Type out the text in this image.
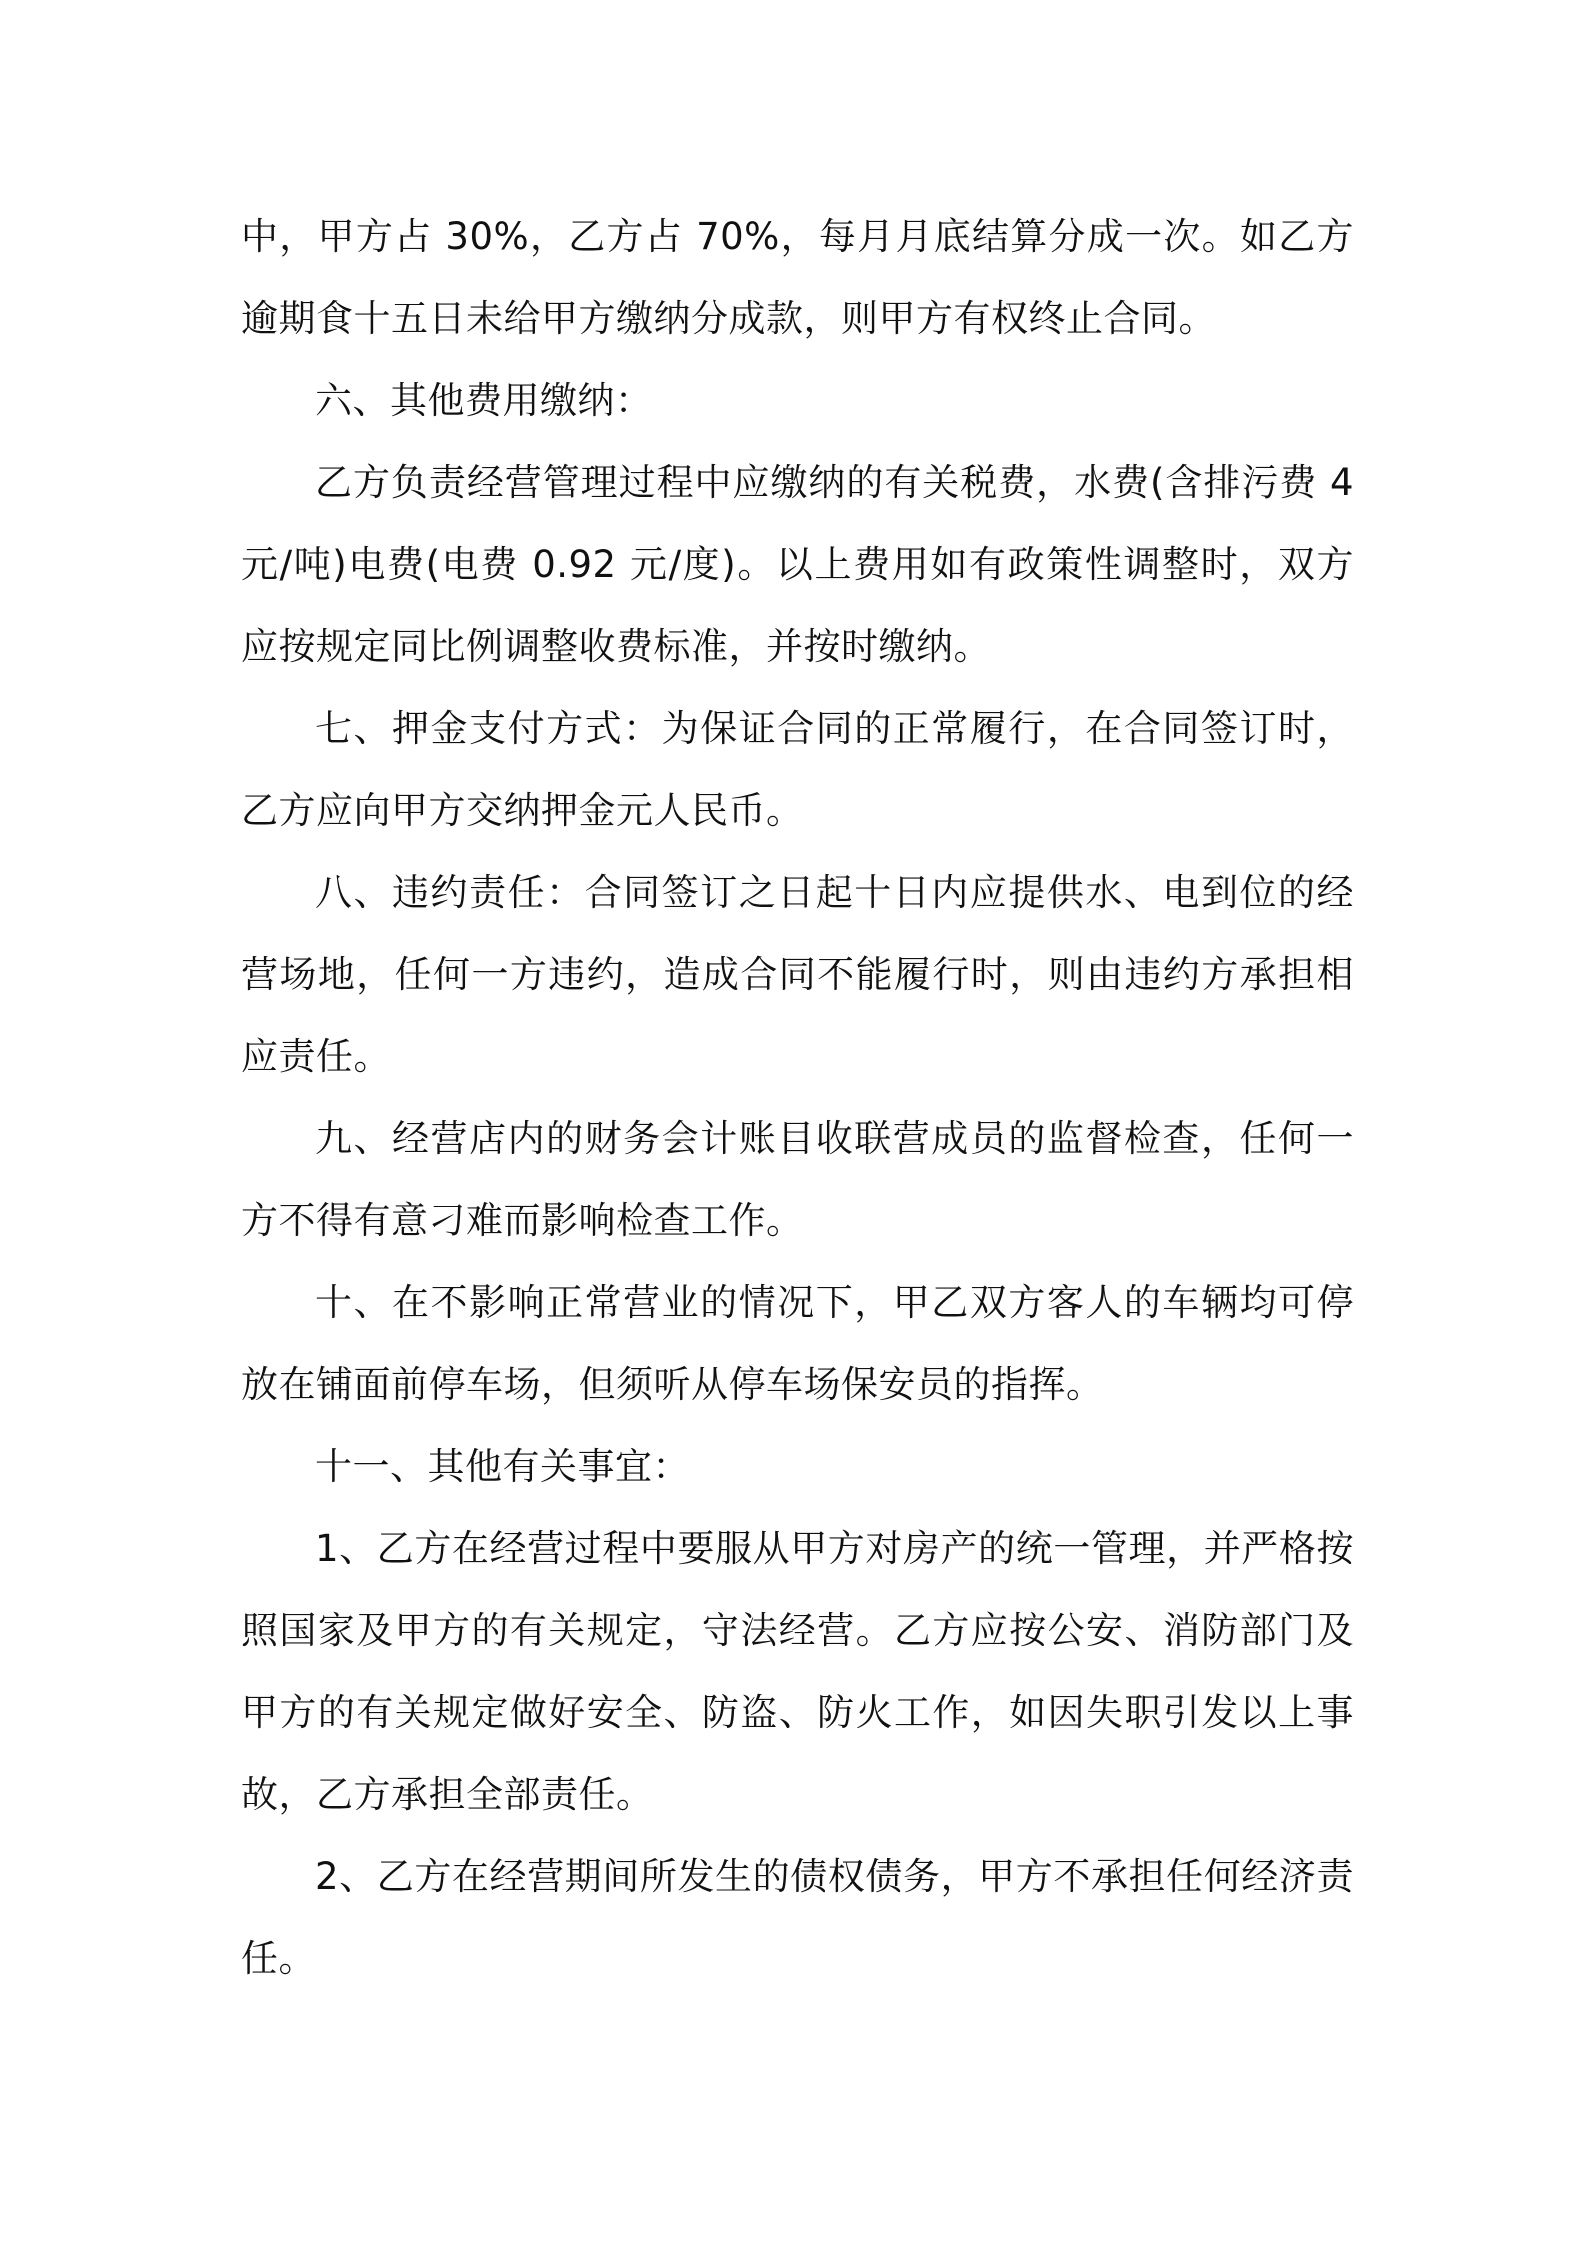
中，甲方占 30%，乙方占 70%，每月月底结算分成一次。如乙方逾期食十五日未给甲方缴纳分成款，则甲方有权终止合同。

六、其他费用缴纳：

乙方负责经营管理过程中应缴纳的有关税费，水费(含排污费 4 元/吨)电费(电费 0.92 元/度)。以上费用如有政策性调整时，双方应按规定同比例调整收费标准，并按时缴纳。

七、押金支付方式：为保证合同的正常履行，在合同签订时，乙方应向甲方交纳押金元人民币。

八、违约责任：合同签订之日起十日内应提供水、电到位的经营场地，任何一方违约，造成合同不能履行时，则由违约方承担相应责任。

九、经营店内的财务会计账目收联营成员的监督检查，任何一方不得有意刁难而影响检查工作。

十、在不影响正常营业的情况下，甲乙双方客人的车辆均可停放在铺面前停车场，但须听从停车场保安员的指挥。

十一、其他有关事宜：

1、乙方在经营过程中要服从甲方对房产的统一管理，并严格按照国家及甲方的有关规定，守法经营。乙方应按公安、消防部门及甲方的有关规定做好安全、防盗、防火工作，如因失职引发以上事故，乙方承担全部责任。

2、乙方在经营期间所发生的债权债务，甲方不承担任何经济责任。
